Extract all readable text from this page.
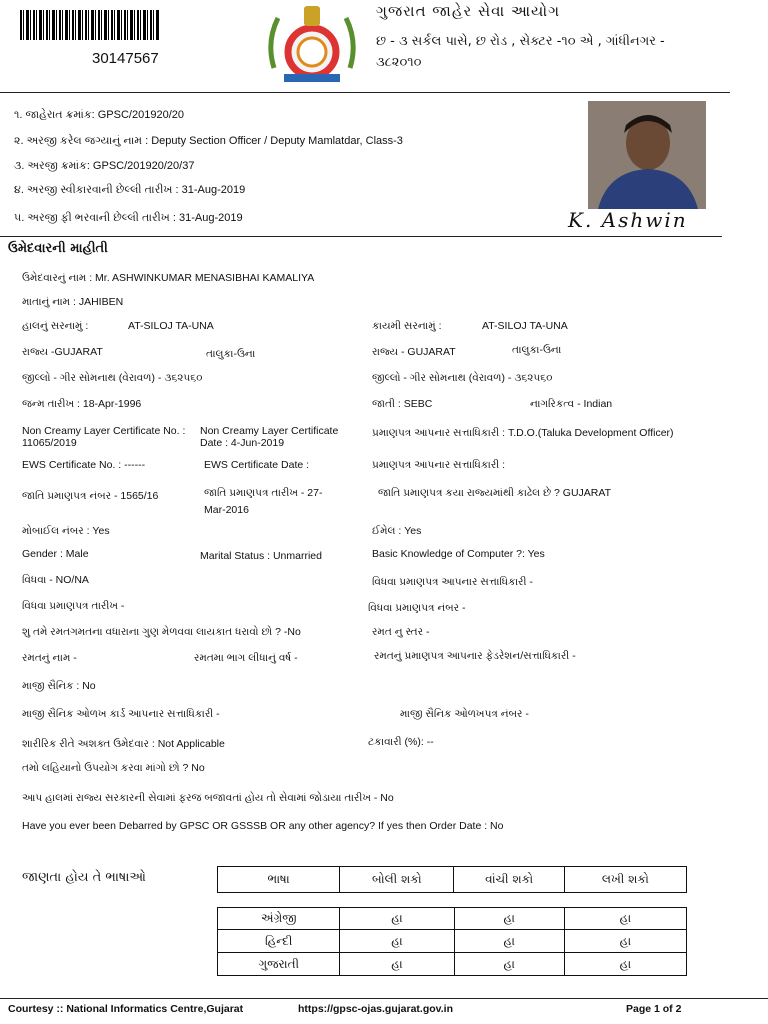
30147567
ગુજરાત જાહેર સેવા આયોગ
છ - ૩ સર્કલ પાસે, છ રોડ , સેક્ટર -૧૦ એ , ગાંધીનગર -
૩૮૨૦૧૦
૧. જાહેરાત ક્રમાંક: GPSC/201920/20
૨. અરજી કરેલ જગ્યાનું નામ : Deputy Section Officer / Deputy Mamlatdar, Class-3
૩. અરજી ક્રમાંક: GPSC/201920/20/37
૪. અરજી સ્વીકારવાની છેલ્લી તારીખ : 31-Aug-2019
૫. અરજી ફી ભરવાની છેલ્લી તારીખ : 31-Aug-2019	K. Ashwin
ઉમેદવારની માહીતી
ઉમેદવારનું નામ : Mr. ASHWINKUMAR MENASIBHAI KAMALIYA
માતાનું નામ : JAHIBEN
હાલનું સરનામું :	AT-SILOJ TA-UNA	કાયમી સરનામું :	AT-SILOJ TA-UNA
રાજ્ય -GUJARAT	તાલુકા-ઉના	રાજ્ય - GUJARAT	તાલુકા-ઉના
જીલ્લો - ગીર સોમનાથ (વેરાવળ) - ૩૬૨૫૬૦	જીલ્લો - ગીર સોમનાથ (વેરાવળ) - ૩૬૨૫૬૦
જન્મ તારીખ : 18-Apr-1996	જાતી : SEBC	નાગરિકત્વ - Indian
Non Creamy Layer Certificate No. :
11065/2019
Non Creamy Layer Certificate
Date : 4-Jun-2019
પ્રમાણપત્ર આપનાર સત્તાધિકારી : T.D.O.(Taluka Development Officer)
EWS Certificate No. : ------	EWS Certificate Date :	પ્રમાણપત્ર આપનાર સત્તાધિકારી :
જાતિ પ્રમાણપત્ર નંબર - 1565/16	જાતિ પ્રમાણપત્ર તારીખ - 27-
Mar-2016
જાતિ પ્રમાણપત્ર કયા રાજ્યમાંથી કાઢેલ છે ? GUJARAT
મોબાઈલ નંબર : Yes	ઈમેલ : Yes
Gender : Male	Marital Status : Unmarried	Basic Knowledge of Computer ?: Yes
વિધવા - NO/NA	વિધવા પ્રમાણપત્ર આપનાર સત્તાધિકારી -
વિધવા પ્રમાણપત્ર તારીખ -	વિધવા પ્રમાણપત્ર નંબર -
શુ તમે રમતગમતના વધારાના ગુણ મેળવવા લાયકાત ધરાવો છો ? -No	રમત નુ સ્તર -
રમતનું નામ -	રમતમા ભાગ લીધાનું વર્ષ -	રમતનું પ્રમાણપત્ર આપનાર ફેડરેશન/સત્તાધિકારી -
માજી સૈનિક : No
માજી સૈનિક ઓળખ કાર્ડ આપનાર સત્તાધિકારી -	માજી સૈનિક ઓળખપત્ર નંબર -
શારીરિક રીતે અશક્ત ઉમેદવાર : Not Applicable	ટકાવારી (%): --
તમો લહિયાનો ઉપયોગ કરવા માંગો છો ? No
આપ હાલમાં રાજ્ય સરકારની સેવામાં ફરજ બજાવતાં હોય તો સેવામાં જોડાયા તારીખ - No
Have you ever been Debarred by GPSC OR GSSSB OR any other agency? If yes then Order Date : No
જાણતા હોય તે ભાષાઓ	ભાષા	બોલી શકો	વાંચી શકો	લખી શકો
અંગ્રેજી	હા	હા	હા
હિન્દી	હા	હા	હા
ગુજરાતી	હા	હા	હા
Courtesy :: National Informatics Centre,Gujarat	https://gpsc-ojas.gujarat.gov.in	Page 1 of 2
